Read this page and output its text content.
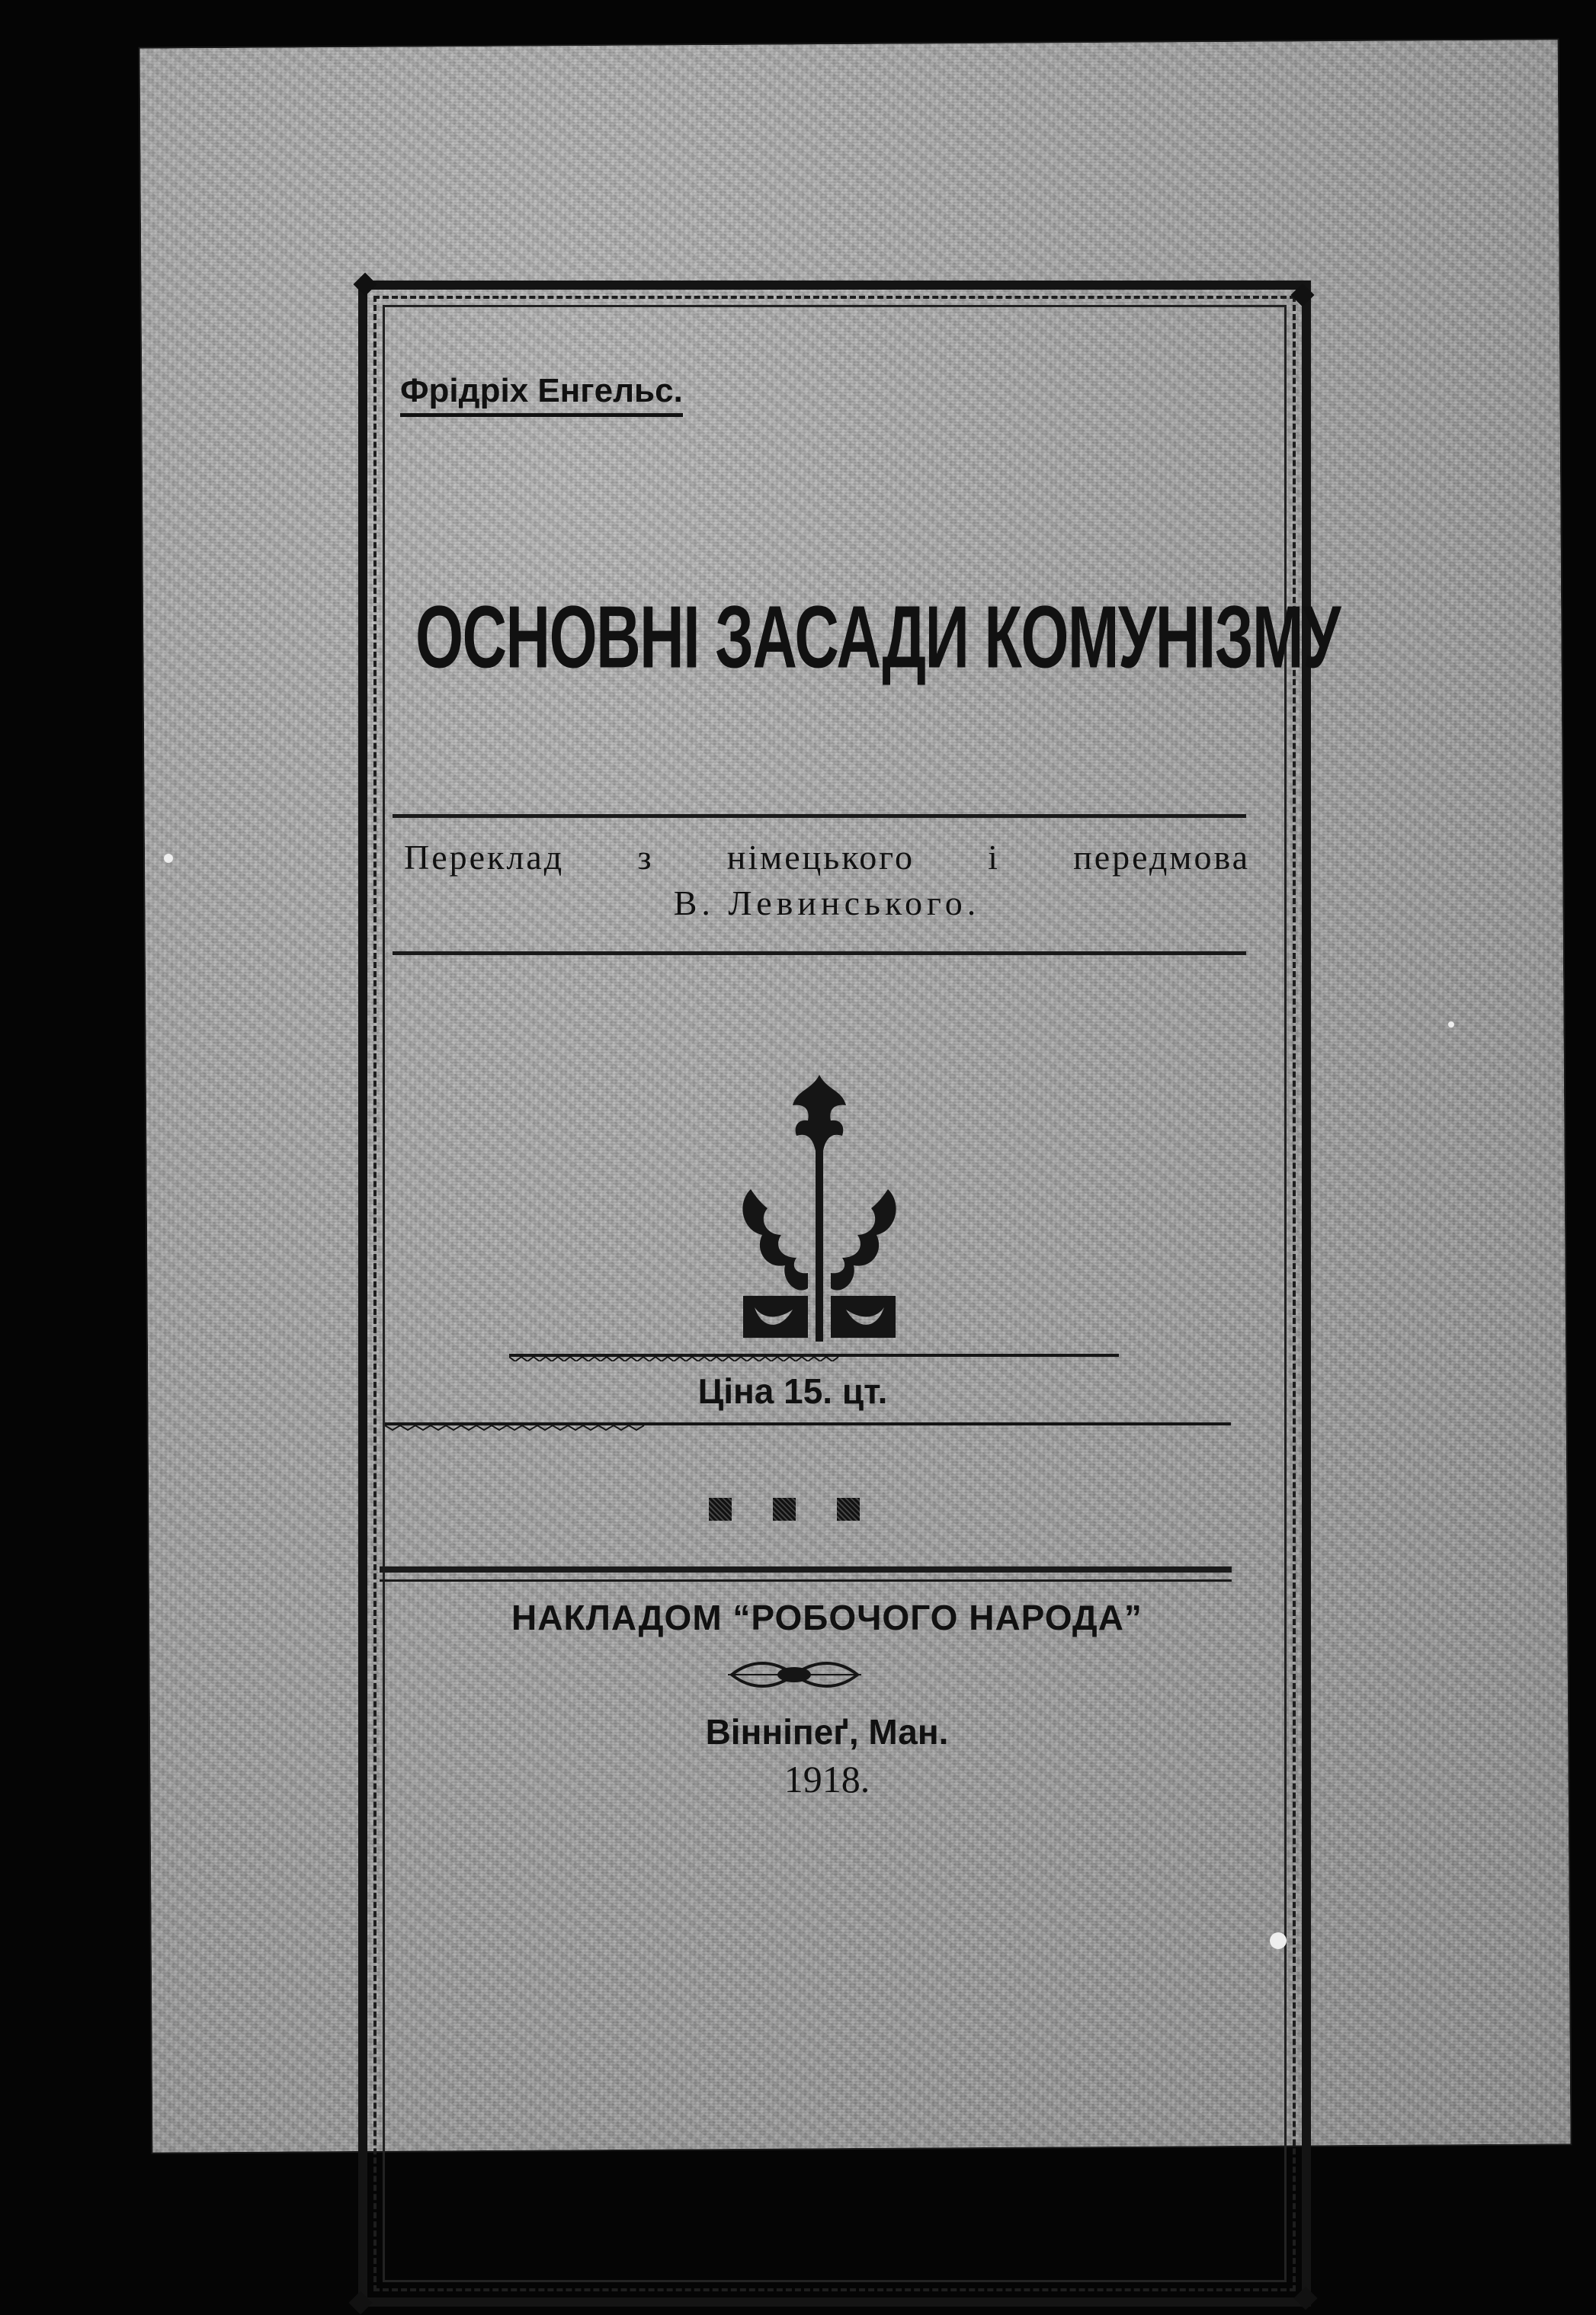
Фрідріх Енгельс.
ОСНОВНІ ЗАСАДИ КОМУНІЗМУ
Переклад з німецького і передмова
В. Левинського.
Ціна 15. цт.
НАКЛАДОМ “РОБОЧОГО НАРОДА”
Вінніпеґ, Ман.
1918.
